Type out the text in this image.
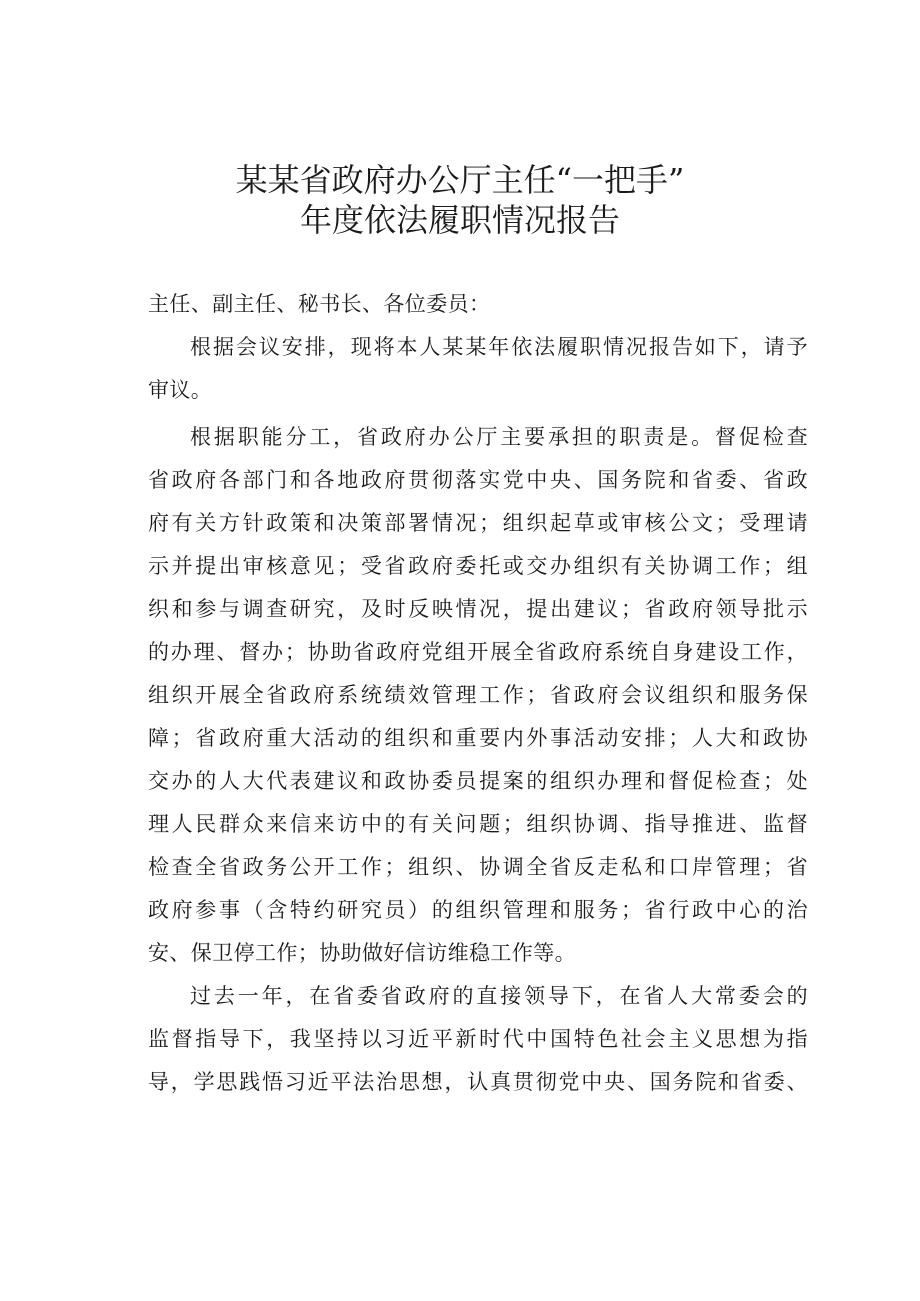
某某省政府办公厅主任“一把手”
年度依法履职情况报告
主任、副主任、秘书长、各位委员：
根据会议安排，现将本人某某年依法履职情况报告如下，请予
审议。
根据职能分工，省政府办公厅主要承担的职责是。督促检查
省政府各部门和各地政府贯彻落实党中央、国务院和省委、省政
府有关方针政策和决策部署情况；组织起草或审核公文；受理请
示并提出审核意见；受省政府委托或交办组织有关协调工作；组
织和参与调查研究，及时反映情况，提出建议；省政府领导批示
的办理、督办；协助省政府党组开展全省政府系统自身建设工作，
组织开展全省政府系统绩效管理工作；省政府会议组织和服务保
障；省政府重大活动的组织和重要内外事活动安排；人大和政协
交办的人大代表建议和政协委员提案的组织办理和督促检查；处
理人民群众来信来访中的有关问题；组织协调、指导推进、监督
检查全省政务公开工作；组织、协调全省反走私和口岸管理；省
政府参事（含特约研究员）的组织管理和服务；省行政中心的治
安、保卫停工作；协助做好信访维稳工作等。
过去一年，在省委省政府的直接领导下，在省人大常委会的
监督指导下，我坚持以习近平新时代中国特色社会主义思想为指
导，学思践悟习近平法治思想，认真贯彻党中央、国务院和省委、
